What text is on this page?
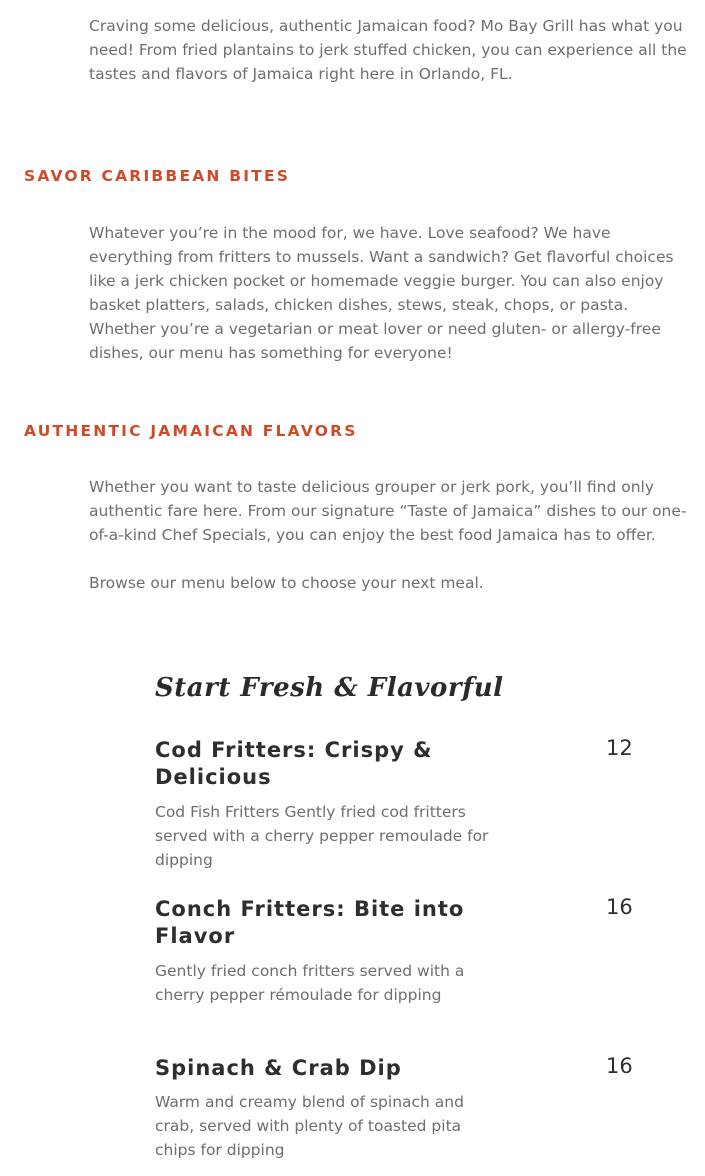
Craving some delicious, authentic Jamaican food? Mo Bay Grill has what you need! From fried plantains to jerk stuffed chicken, you can experience all the tastes and flavors of Jamaica right here in Orlando, FL.

SAVOR CARIBBEAN BITES

Whatever you’re in the mood for, we have. Love seafood? We have everything from fritters to mussels. Want a sandwich? Get flavorful choices like a jerk chicken pocket or homemade veggie burger. You can also enjoy basket platters, salads, chicken dishes, stews, steak, chops, or pasta. Whether you’re a vegetarian or meat lover or need gluten- or allergy-free dishes, our menu has something for everyone!

AUTHENTIC JAMAICAN FLAVORS

Whether you want to taste delicious grouper or jerk pork, you’ll find only authentic fare here. From our signature “Taste of Jamaica” dishes to our one-of-a-kind Chef Specials, you can enjoy the best food Jamaica has to offer.

Browse our menu below to choose your next meal.

Start Fresh & Flavorful
Cod Fritters: Crispy & Delicious
12

Cod Fish Fritters Gently fried cod fritters served with a cherry pepper remoulade for dipping

Conch Fritters: Bite into Flavor
16

Gently fried conch fritters served with a cherry pepper rémoulade for dipping

Spinach & Crab Dip	16

Warm and creamy blend of spinach and crab, served with plenty of toasted pita chips for dipping
